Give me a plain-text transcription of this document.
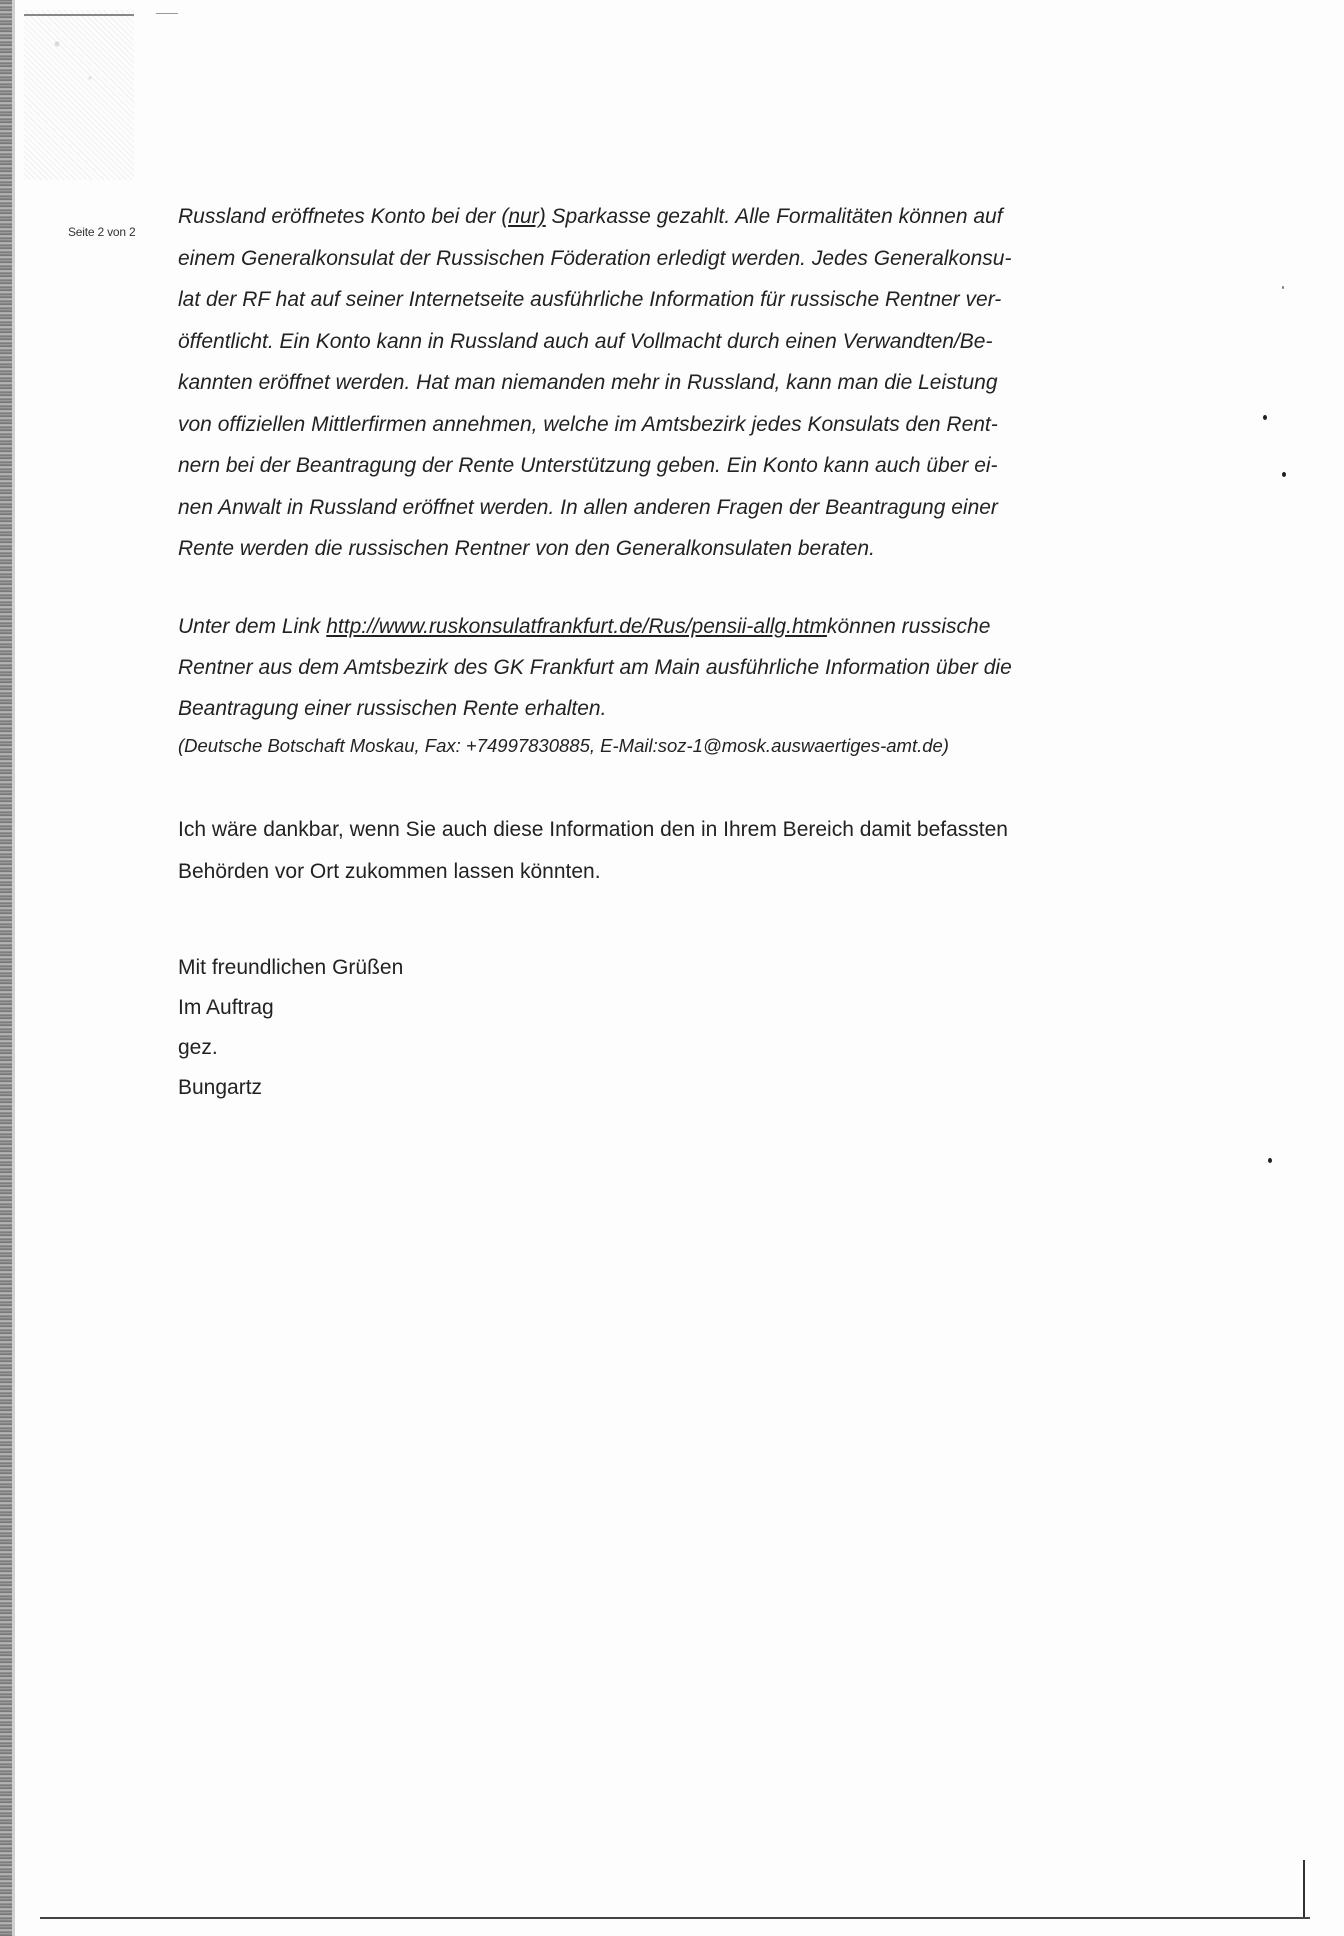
Seite 2 von 2

Russland eröffnetes Konto bei der (nur) Sparkasse gezahlt. Alle Formalitäten können auf
einem Generalkonsulat der Russischen Föderation erledigt werden. Jedes Generalkonsu-
lat der RF hat auf seiner Internetseite ausführliche Information für russische Rentner ver-
öffentlicht. Ein Konto kann in Russland auch auf Vollmacht durch einen Verwandten/Be-
kannten eröffnet werden. Hat man niemanden mehr in Russland, kann man die Leistung
von offiziellen Mittlerfirmen annehmen, welche im Amtsbezirk jedes Konsulats den Rent-
nern bei der Beantragung der Rente Unterstützung geben. Ein Konto kann auch über ei-
nen Anwalt in Russland eröffnet werden. In allen anderen Fragen der Beantragung einer
Rente werden die russischen Rentner von den Generalkonsulaten beraten.

Unter dem Link http://www.ruskonsulatfrankfurt.de/Rus/pensii-allg.htmkönnen russische
Rentner aus dem Amtsbezirk des GK Frankfurt am Main ausführliche Information über die
Beantragung einer russischen Rente erhalten.

(Deutsche Botschaft Moskau, Fax: +74997830885, E-Mail:soz-1@mosk.auswaertiges-amt.de)

Ich wäre dankbar, wenn Sie auch diese Information den in Ihrem Bereich damit befassten
Behörden vor Ort zukommen lassen könnten.

Mit freundlichen Grüßen
Im Auftrag
gez.
Bungartz
